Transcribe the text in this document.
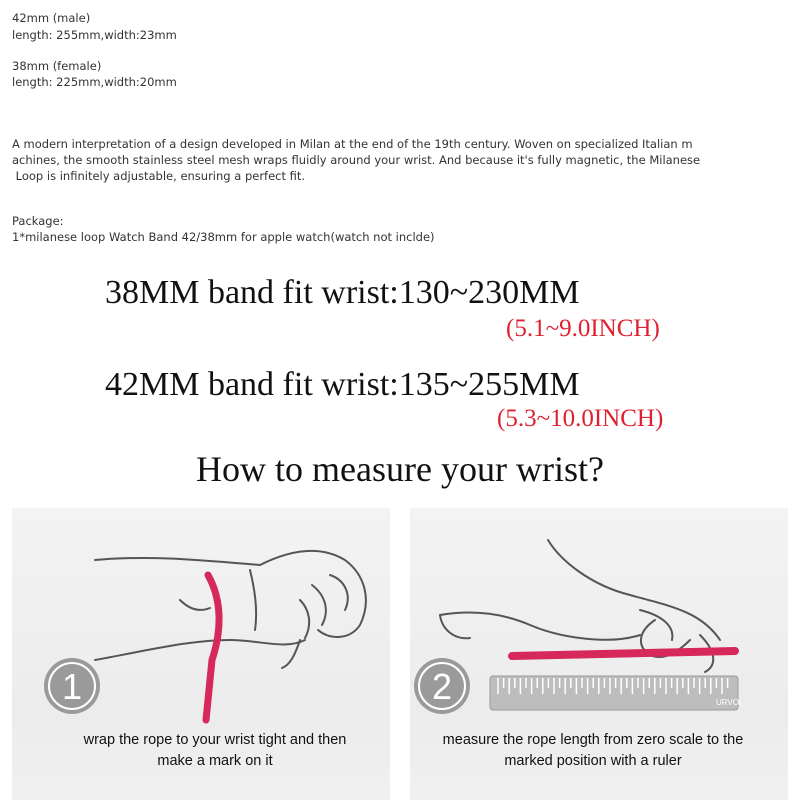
42mm (male)
length: 255mm,width:23mm
38mm (female)
length: 225mm,width:20mm
A modern interpretation of a design developed in Milan at the end of the 19th century. Woven on specialized Italian m
achines, the smooth stainless steel mesh wraps fluidly around your wrist. And because it's fully magnetic, the Milanese
Loop is infinitely adjustable, ensuring a perfect fit.
Package:
1*milanese loop Watch Band 42/38mm for apple watch(watch not inclde)
38MM band fit wrist:130~230MM
(5.1~9.0INCH)
42MM band fit wrist:135~255MM
(5.3~10.0INCH)
How to measure your wrist?
URVOI
1	2
wrap the rope to your wrist tight and then
make a mark on it
measure the rope length from zero scale to the
marked position with a ruler
